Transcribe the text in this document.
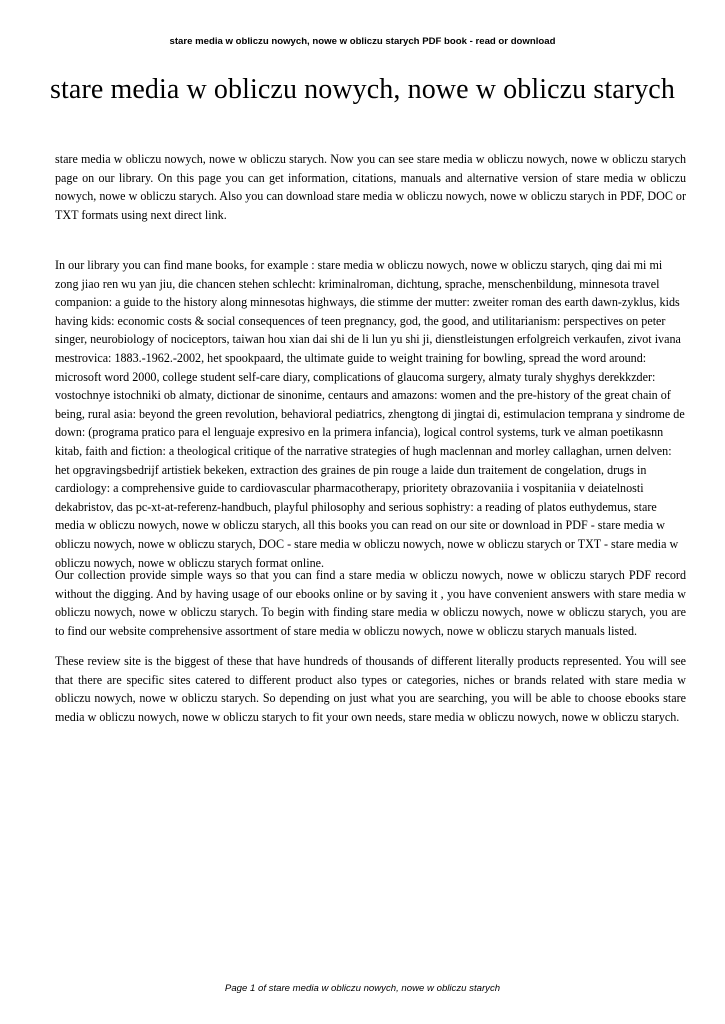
stare media w obliczu nowych, nowe w obliczu starych PDF book - read or download
stare media w obliczu nowych, nowe w obliczu starych

stare media w obliczu nowych, nowe w obliczu starych. Now you can see stare media w obliczu nowych, nowe w obliczu starych page on our library. On this page you can get information, citations, manuals and alternative version of stare media w obliczu nowych, nowe w obliczu starych. Also you can download stare media w obliczu nowych, nowe w obliczu starych in PDF, DOC or TXT formats using next direct link.

In our library you can find mane books, for example : stare media w obliczu nowych, nowe w obliczu starych, qing dai mi mi zong jiao ren wu yan jiu, die chancen stehen schlecht: kriminalroman, dichtung, sprache, menschenbildung, minnesota travel companion: a guide to the history along minnesotas highways, die stimme der mutter: zweiter roman des earth dawn-zyklus, kids having kids: economic costs & social consequences of teen pregnancy, god, the good, and utilitarianism: perspectives on peter singer, neurobiology of nociceptors, taiwan hou xian dai shi de li lun yu shi ji, dienstleistungen erfolgreich verkaufen, zivot ivana mestrovica: 1883.-1962.-2002, het spookpaard, the ultimate guide to weight training for bowling, spread the word around: microsoft word 2000, college student self-care diary, complications of glaucoma surgery, almaty turaly shyghys derekkzder: vostochnye istochniki ob almaty, dictionar de sinonime, centaurs and amazons: women and the pre-history of the great chain of being, rural asia: beyond the green revolution, behavioral pediatrics, zhengtong di jingtai di, estimulacion temprana y sindrome de down: (programa pratico para el lenguaje expresivo en la primera infancia), logical control systems, turk ve alman poetikasnn kitab, faith and fiction: a theological critique of the narrative strategies of hugh maclennan and morley callaghan, urnen delven: het opgravingsbedrijf artistiek bekeken, extraction des graines de pin rouge a laide dun traitement de congelation, drugs in cardiology: a comprehensive guide to cardiovascular pharmacotherapy, prioritety obrazovaniia i vospitaniia v deiatelnosti dekabristov, das pc-xt-at-referenz-handbuch, playful philosophy and serious sophistry: a reading of platos euthydemus, stare media w obliczu nowych, nowe w obliczu starych, all this books you can read on our site or download in PDF - stare media w obliczu nowych, nowe w obliczu starych, DOC - stare media w obliczu nowych, nowe w obliczu starych or TXT - stare media w obliczu nowych, nowe w obliczu starych format online.

Our collection provide simple ways so that you can find a stare media w obliczu nowych, nowe w obliczu starych PDF record without the digging. And by having usage of our ebooks online or by saving it , you have convenient answers with stare media w obliczu nowych, nowe w obliczu starych. To begin with finding stare media w obliczu nowych, nowe w obliczu starych, you are to find our website comprehensive assortment of stare media w obliczu nowych, nowe w obliczu starych manuals listed.

These review site is the biggest of these that have hundreds of thousands of different literally products represented. You will see that there are specific sites catered to different product also types or categories, niches or brands related with stare media w obliczu nowych, nowe w obliczu starych. So depending on just what you are searching, you will be able to choose ebooks stare media w obliczu nowych, nowe w obliczu starych to fit your own needs, stare media w obliczu nowych, nowe w obliczu starych.

Page 1 of stare media w obliczu nowych, nowe w obliczu starych
